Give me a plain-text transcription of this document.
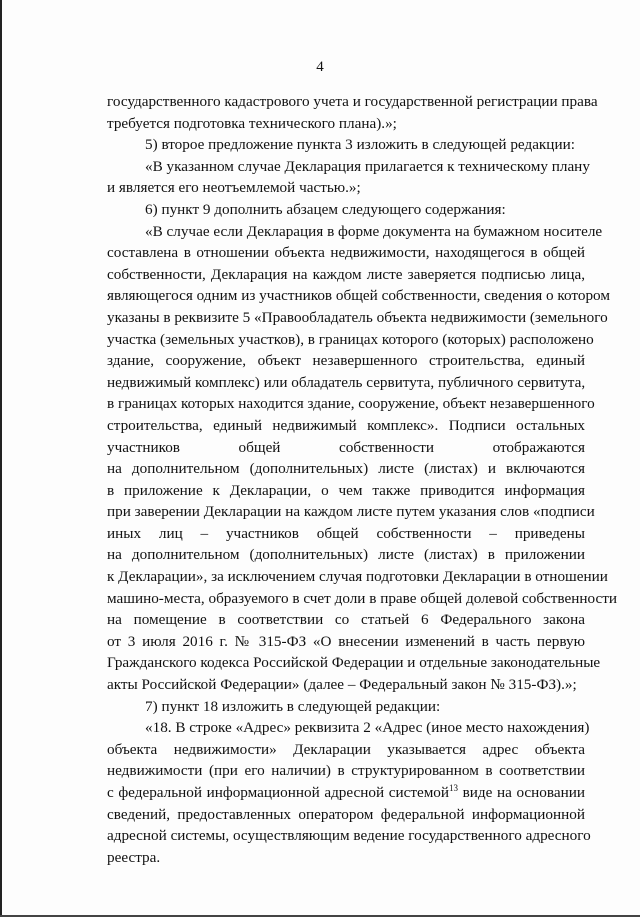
4
государственного кадастрового учета и государственной регистрации права
требуется подготовка технического плана).»;
5) второе предложение пункта 3 изложить в следующей редакции:
«В указанном случае Декларация прилагается к техническому плану
и является его неотъемлемой частью.»;
6) пункт 9 дополнить абзацем следующего содержания:
«В случае если Декларация в форме документа на бумажном носителе
составлена в отношении объекта недвижимости, находящегося в общей
собственности, Декларация на каждом листе заверяется подписью лица,
являющегося одним из участников общей собственности, сведения о котором
указаны в реквизите 5 «Правообладатель объекта недвижимости (земельного
участка (земельных участков), в границах которого (которых) расположено
здание, сооружение, объект незавершенного строительства, единый
недвижимый комплекс) или обладатель сервитута, публичного сервитута,
в границах которых находится здание, сооружение, объект незавершенного
строительства, единый недвижимый комплекс». Подписи остальных
участников общей собственности отображаются
на дополнительном (дополнительных) листе (листах) и включаются
в приложение к Декларации, о чем также приводится информация
при заверении Декларации на каждом листе путем указания слов «подписи
иных лиц – участников общей собственности – приведены
на дополнительном (дополнительных) листе (листах) в приложении
к Декларации», за исключением случая подготовки Декларации в отношении
машино-места, образуемого в счет доли в праве общей долевой собственности
на помещение в соответствии со статьей 6 Федерального закона
от 3 июля 2016 г. № 315-ФЗ «О внесении изменений в часть первую
Гражданского кодекса Российской Федерации и отдельные законодательные
акты Российской Федерации» (далее – Федеральный закон № 315-ФЗ).»;
7) пункт 18 изложить в следующей редакции:
«18. В строке «Адрес» реквизита 2 «Адрес (иное место нахождения)
объекта недвижимости» Декларации указывается адрес объекта
недвижимости (при его наличии) в структурированном в соответствии
с федеральной информационной адресной системой$^{13}$ виде на основании
сведений, предоставленных оператором федеральной информационной
адресной системы, осуществляющим ведение государственного адресного
реестра.
